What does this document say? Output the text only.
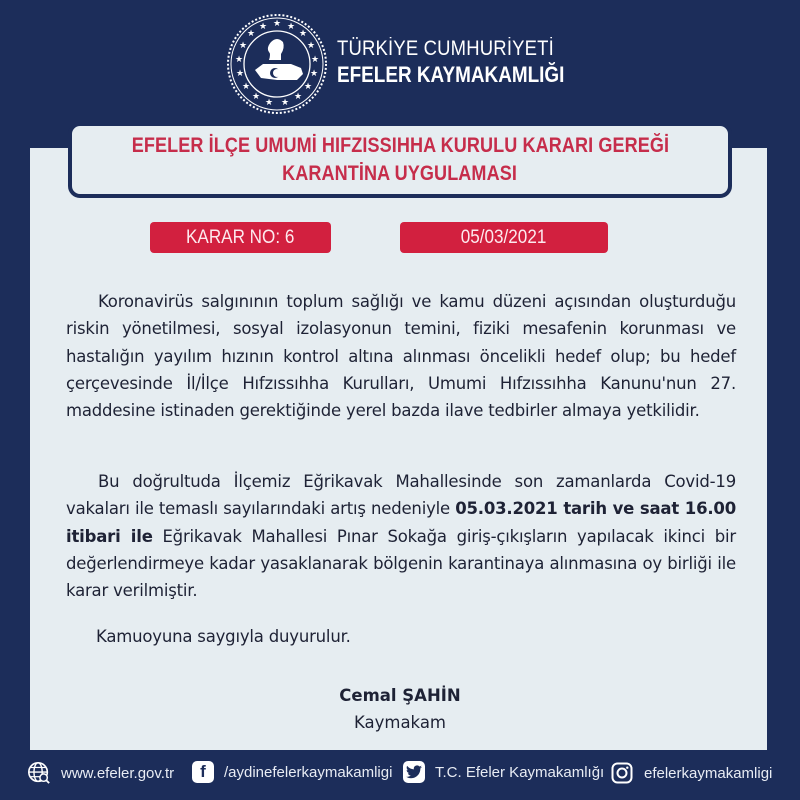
★ ★
★
★
★
★
★
★
★
★
★
★
★
★
★
★
★
TÜRKİYE CUMHURİYETİ
EFELER KAYMAKAMLIĞI
EFELER İLÇE UMUMİ HIFZISSIHHA KURULU KARARI GEREĞİ
KARANTİNA UYGULAMASI
KARAR NO: 6	05/03/2021

Koronavirüs salgınının toplum sağlığı ve kamu düzeni açısından oluşturduğu riskin yönetilmesi, sosyal izolasyonun temini, fiziki mesafenin korunması ve hastalığın yayılım hızının kontrol altına alınması öncelikli hedef olup; bu hedef çerçevesinde İl/İlçe Hıfzıssıhha Kurulları, Umumi Hıfzıssıhha Kanunu'nun 27. maddesine istinaden gerektiğinde yerel bazda ilave tedbirler almaya yetkilidir.

Bu doğrultuda İlçemiz Eğrikavak Mahallesinde son zamanlarda Covid-19 vakaları ile temaslı sayılarındaki artış nedeniyle 05.03.2021 tarih ve saat 16.00 itibari ile Eğrikavak Mahallesi Pınar Sokağa giriş-çıkışların yapılacak ikinci bir değerlendirmeye kadar yasaklanarak bölgenin karantinaya alınmasına oy birliği ile karar verilmiştir.

Kamuoyuna saygıyla duyurulur.
Cemal ŞAHİN
Kaymakam
www.efeler.gov.tr	f	/aydinefelerkaymakamligi	T.C. Efeler Kaymakamlığı	efelerkaymakamligi
